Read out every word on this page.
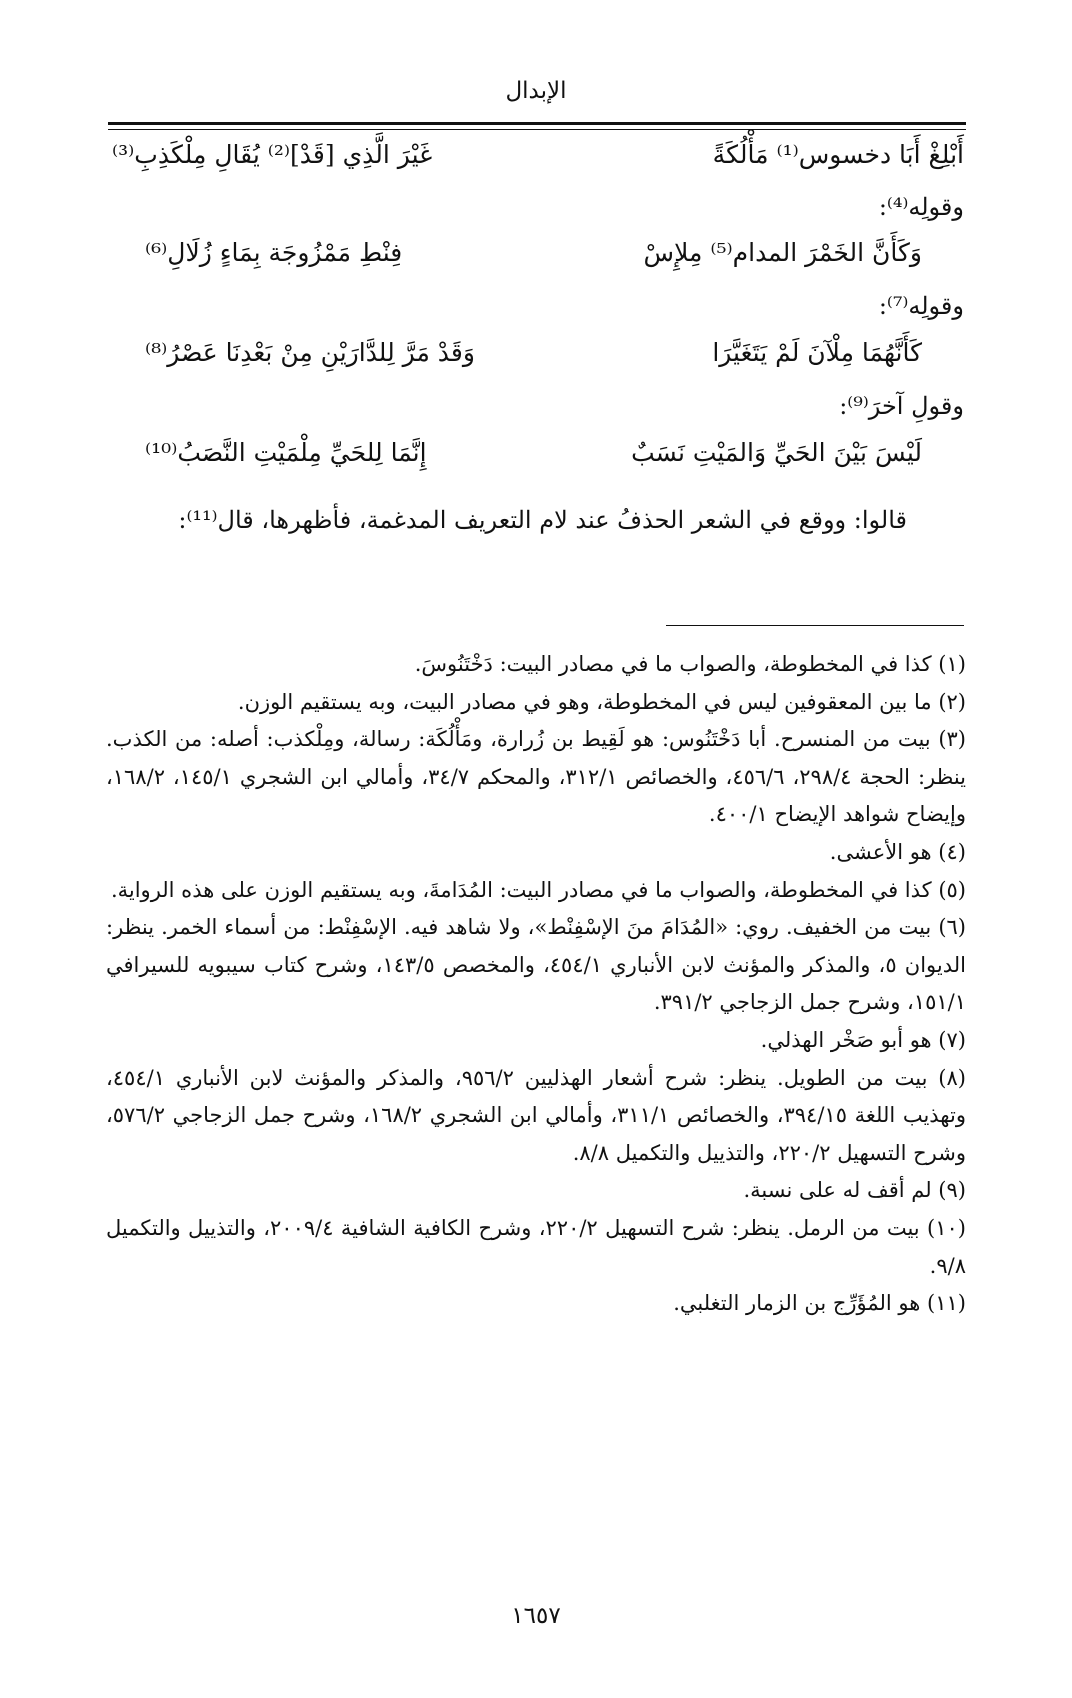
الإبدال
أَبْلِغْ أَبَا دخسوس⁽¹⁾ مَأْلُكَةً
غَيْرَ الَّذِي [قَدْ]⁽²⁾ يُقَالِ مِلْكَذِبِ⁽³⁾
وقولِه⁽⁴⁾:
وَكَأَنَّ الخَمْرَ المدام⁽⁵⁾ مِلإِسْ
فِنْطِ مَمْزُوجَة بِمَاءٍ زُلَالِ⁽⁶⁾
وقولِه⁽⁷⁾:
كَأَنَّهُمَا مِلْآنَ لَمْ يَتَغَيَّرَا
وَقَدْ مَرَّ لِلدَّارَيْنِ مِنْ بَعْدِنَا عَصْرُ⁽⁸⁾
وقولِ آخرَ⁽⁹⁾:
لَيْسَ بَيْنَ الحَيِّ وَالمَيْتِ نَسَبٌ
إِنَّمَا لِلحَيِّ مِلْمَيْتِ النَّصَبُ⁽¹⁰⁾
قالوا: ووقع في الشعر الحذفُ عند لام التعريف المدغمة، فأظهرها، قال⁽¹¹⁾:

(١) كذا في المخطوطة، والصواب ما في مصادر البيت: دَخْتَنُوسَ.

(٢) ما بين المعقوفين ليس في المخطوطة، وهو في مصادر البيت، وبه يستقيم الوزن.

(٣) بيت من المنسرح. أبا دَخْتَنُوس: هو لَقِيط بن زُرارة، ومَأْلُكَة: رسالة، ومِلْكذب: أصله: من الكذب. ينظر: الحجة ٢٩٨/٤، ٤٥٦/٦، والخصائص ٣١٢/١، والمحكم ٣٤/٧، وأمالي ابن الشجري ١٤٥/١، ١٦٨/٢، وإيضاح شواهد الإيضاح ٤٠٠/١.

(٤) هو الأعشى.

(٥) كذا في المخطوطة، والصواب ما في مصادر البيت: المُدَامةَ، وبه يستقيم الوزن على هذه الرواية.

(٦) بيت من الخفيف. روي: «المُدَامَ منَ الإسْفِنْط»، ولا شاهد فيه. الإسْفِنْط: من أسماء الخمر. ينظر: الديوان ٥، والمذكر والمؤنث لابن الأنباري ٤٥٤/١، والمخصص ١٤٣/٥، وشرح كتاب سيبويه للسيرافي ١٥١/١، وشرح جمل الزجاجي ٣٩١/٢.

(٧) هو أبو صَخْر الهذلي.

(٨) بيت من الطويل. ينظر: شرح أشعار الهذليين ٩٥٦/٢، والمذكر والمؤنث لابن الأنباري ٤٥٤/١، وتهذيب اللغة ٣٩٤/١٥، والخصائص ٣١١/١، وأمالي ابن الشجري ١٦٨/٢، وشرح جمل الزجاجي ٥٧٦/٢، وشرح التسهيل ٢٢٠/٢، والتذييل والتكميل ٨/٨.

(٩) لم أقف له على نسبة.

(١٠) بيت من الرمل. ينظر: شرح التسهيل ٢٢٠/٢، وشرح الكافية الشافية ٢٠٠٩/٤، والتذييل والتكميل ٩/٨.

(١١) هو المُؤَرِّج بن الزمار التغلبي.

١٦٥٧
